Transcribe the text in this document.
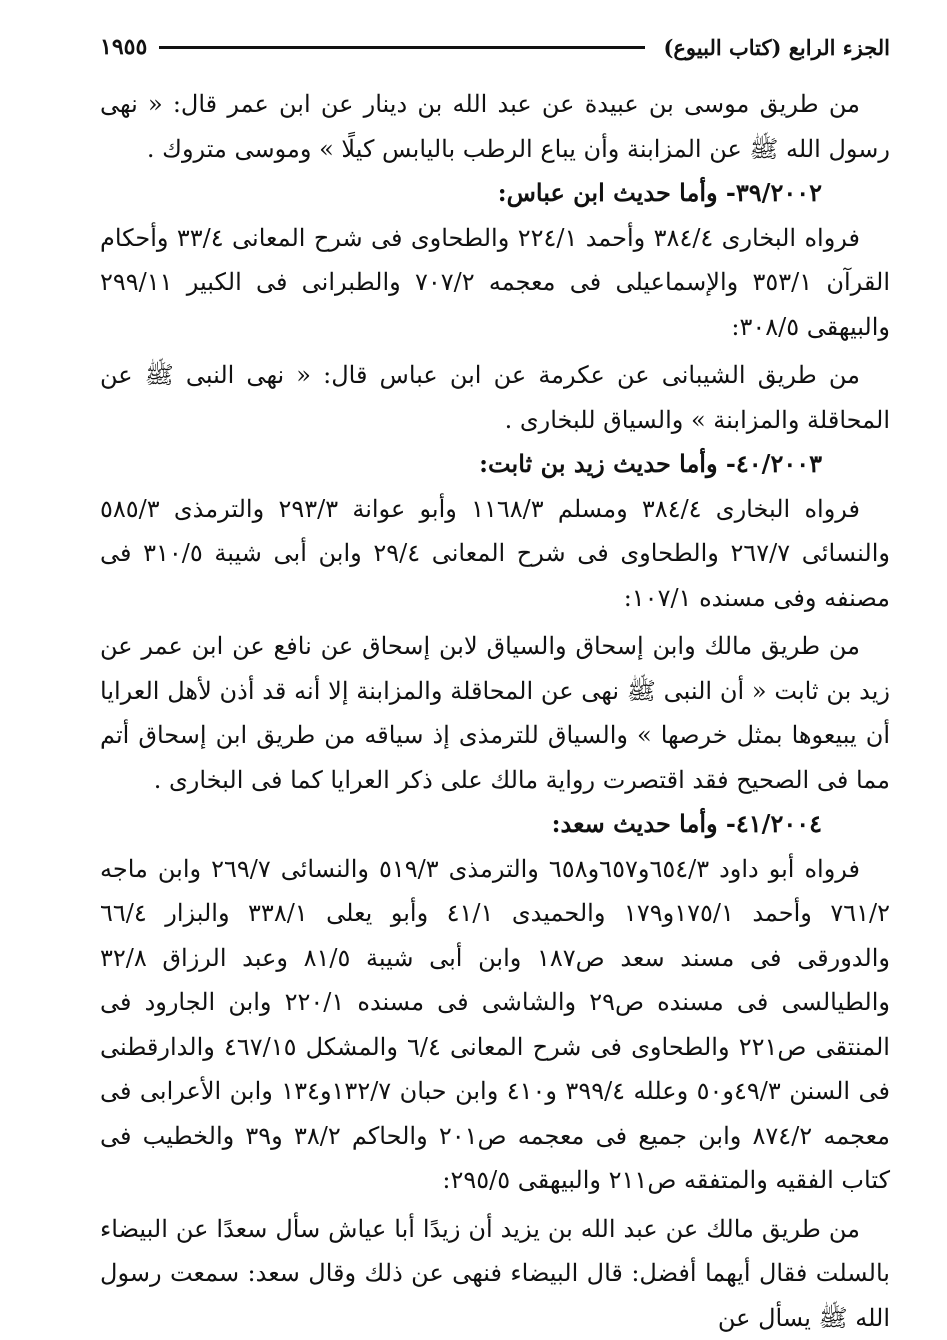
الجزء الرابع (كتاب البيوع)
١٩٥٥

من طريق موسى بن عبيدة عن عبد الله بن دينار عن ابن عمر قال: « نهى رسول الله ﷺ عن المزابنة وأن يباع الرطب باليابس كيلًا » وموسى متروك .

٣٩/٢٠٠٢- وأما حديث ابن عباس:

فرواه البخارى ٣٨٤/٤ وأحمد ٢٢٤/١ والطحاوى فى شرح المعانى ٣٣/٤ وأحكام القرآن ٣٥٣/١ والإسماعيلى فى معجمه ٧٠٧/٢ والطبرانى فى الكبير ٢٩٩/١١ والبيهقى ٣٠٨/٥:

من طريق الشيبانى عن عكرمة عن ابن عباس قال: « نهى النبى ﷺ عن المحاقلة والمزابنة » والسياق للبخارى .

٤٠/٢٠٠٣- وأما حديث زيد بن ثابت:

فرواه البخارى ٣٨٤/٤ ومسلم ١١٦٨/٣ وأبو عوانة ٢٩٣/٣ والترمذى ٥٨٥/٣ والنسائى ٢٦٧/٧ والطحاوى فى شرح المعانى ٢٩/٤ وابن أبى شيبة ٣١٠/٥ فى مصنفه وفى مسنده ١٠٧/١:

من طريق مالك وابن إسحاق والسياق لابن إسحاق عن نافع عن ابن عمر عن زيد بن ثابت « أن النبى ﷺ نهى عن المحاقلة والمزابنة إلا أنه قد أذن لأهل العرايا أن يبيعوها بمثل خرصها » والسياق للترمذى إذ سياقه من طريق ابن إسحاق أتم مما فى الصحيح فقد اقتصرت رواية مالك على ذكر العرايا كما فى البخارى .

٤١/٢٠٠٤- وأما حديث سعد:

فرواه أبو داود ٦٥٤/٣و٦٥٧و٦٥٨ والترمذى ٥١٩/٣ والنسائى ٢٦٩/٧ وابن ماجه ٧٦١/٢ وأحمد ١٧٥/١و١٧٩ والحميدى ٤١/١ وأبو يعلى ٣٣٨/١ والبزار ٦٦/٤ والدورقى فى مسند سعد ص١٨٧ وابن أبى شيبة ٨١/٥ وعبد الرزاق ٣٢/٨ والطيالسى فى مسنده ص٢٩ والشاشى فى مسنده ٢٢٠/١ وابن الجارود فى المنتقى ص٢٢١ والطحاوى فى شرح المعانى ٦/٤ والمشكل ٤٦٧/١٥ والدارقطنى فى السنن ٤٩/٣و٥٠ وعلله ٣٩٩/٤ و٤١٠ وابن حبان ١٣٢/٧و١٣٤ وابن الأعرابى فى معجمه ٨٧٤/٢ وابن جميع فى معجمه ص٢٠١ والحاكم ٣٨/٢ و٣٩ والخطيب فى كتاب الفقيه والمتفقه ص٢١١ والبيهقى ٢٩٥/٥:

من طريق مالك عن عبد الله بن يزيد أن زيدًا أبا عياش سأل سعدًا عن البيضاء بالسلت فقال أيهما أفضل: قال البيضاء فنهى عن ذلك وقال سعد: سمعت رسول الله ﷺ يسأل عن
